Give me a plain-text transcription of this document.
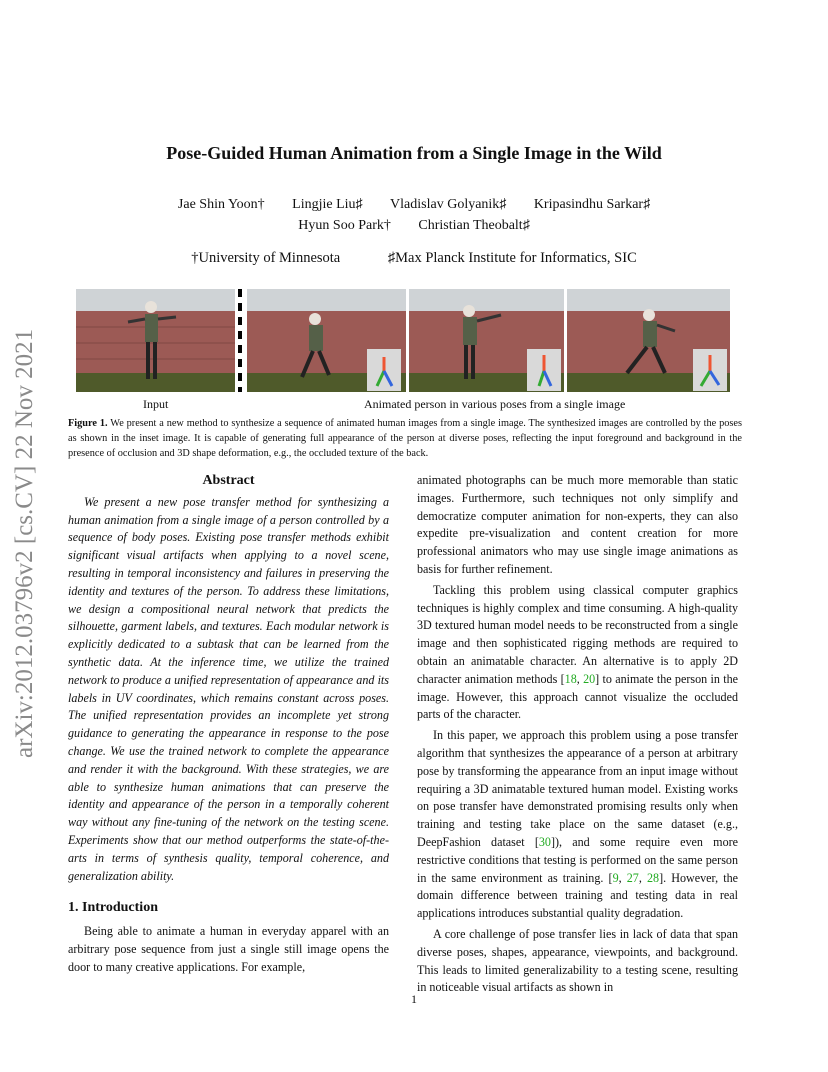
arXiv:2012.03796v2 [cs.CV] 22 Nov 2021
Pose-Guided Human Animation from a Single Image in the Wild
Jae Shin Yoon† Lingjie Liu♯ Vladislav Golyanik♯ Kripasindhu Sarkar♯
Hyun Soo Park† Christian Theobalt♯
†University of Minnesota	♯Max Planck Institute for Informatics, SIC
Input	Animated person in various poses from a single image
Figure 1. We present a new method to synthesize a sequence of animated human images from a single image. The synthesized images are controlled by the poses as shown in the inset image. It is capable of generating full appearance of the person at diverse poses, reflecting the input foreground and background in the presence of occlusion and 3D shape deformation, e.g., the occluded texture of the back.
Abstract

We present a new pose transfer method for synthesizing a human animation from a single image of a person controlled by a sequence of body poses. Existing pose transfer methods exhibit significant visual artifacts when applying to a novel scene, resulting in temporal inconsistency and failures in preserving the identity and textures of the person. To address these limitations, we design a compositional neural network that predicts the silhouette, garment labels, and textures. Each modular network is explicitly dedicated to a subtask that can be learned from the synthetic data. At the inference time, we utilize the trained network to produce a unified representation of appearance and its labels in UV coordinates, which remains constant across poses. The unified representation provides an incomplete yet strong guidance to generating the appearance in response to the pose change. We use the trained network to complete the appearance and render it with the background. With these strategies, we are able to synthesize human animations that can preserve the identity and appearance of the person in a temporally coherent way without any fine-tuning of the network on the testing scene. Experiments show that our method outperforms the state-of-the-arts in terms of synthesis quality, temporal coherence, and generalization ability.

1. Introduction

Being able to animate a human in everyday apparel with an arbitrary pose sequence from just a single still image opens the door to many creative applications. For example,

animated photographs can be much more memorable than static images. Furthermore, such techniques not only simplify and democratize computer animation for non-experts, they can also expedite pre-visualization and content creation for more professional animators who may use single image animations as basis for further refinement.

Tackling this problem using classical computer graphics techniques is highly complex and time consuming. A high-quality 3D textured human model needs to be reconstructed from a single image and then sophisticated rigging methods are required to obtain an animatable character. An alternative is to apply 2D character animation methods [18, 20] to animate the person in the image. However, this approach cannot visualize the occluded parts of the character.

In this paper, we approach this problem using a pose transfer algorithm that synthesizes the appearance of a person at arbitrary pose by transforming the appearance from an input image without requiring a 3D animatable textured human model. Existing works on pose transfer have demonstrated promising results only when training and testing take place on the same dataset (e.g., DeepFashion dataset [30]), and some require even more restrictive conditions that testing is performed on the same person in the same environment as training. [9, 27, 28]. However, the domain difference between training and testing data in real applications introduces substantial quality degradation.

A core challenge of pose transfer lies in lack of data that span diverse poses, shapes, appearance, viewpoints, and background. This leads to limited generalizability to a testing scene, resulting in noticeable visual artifacts as shown in

1
